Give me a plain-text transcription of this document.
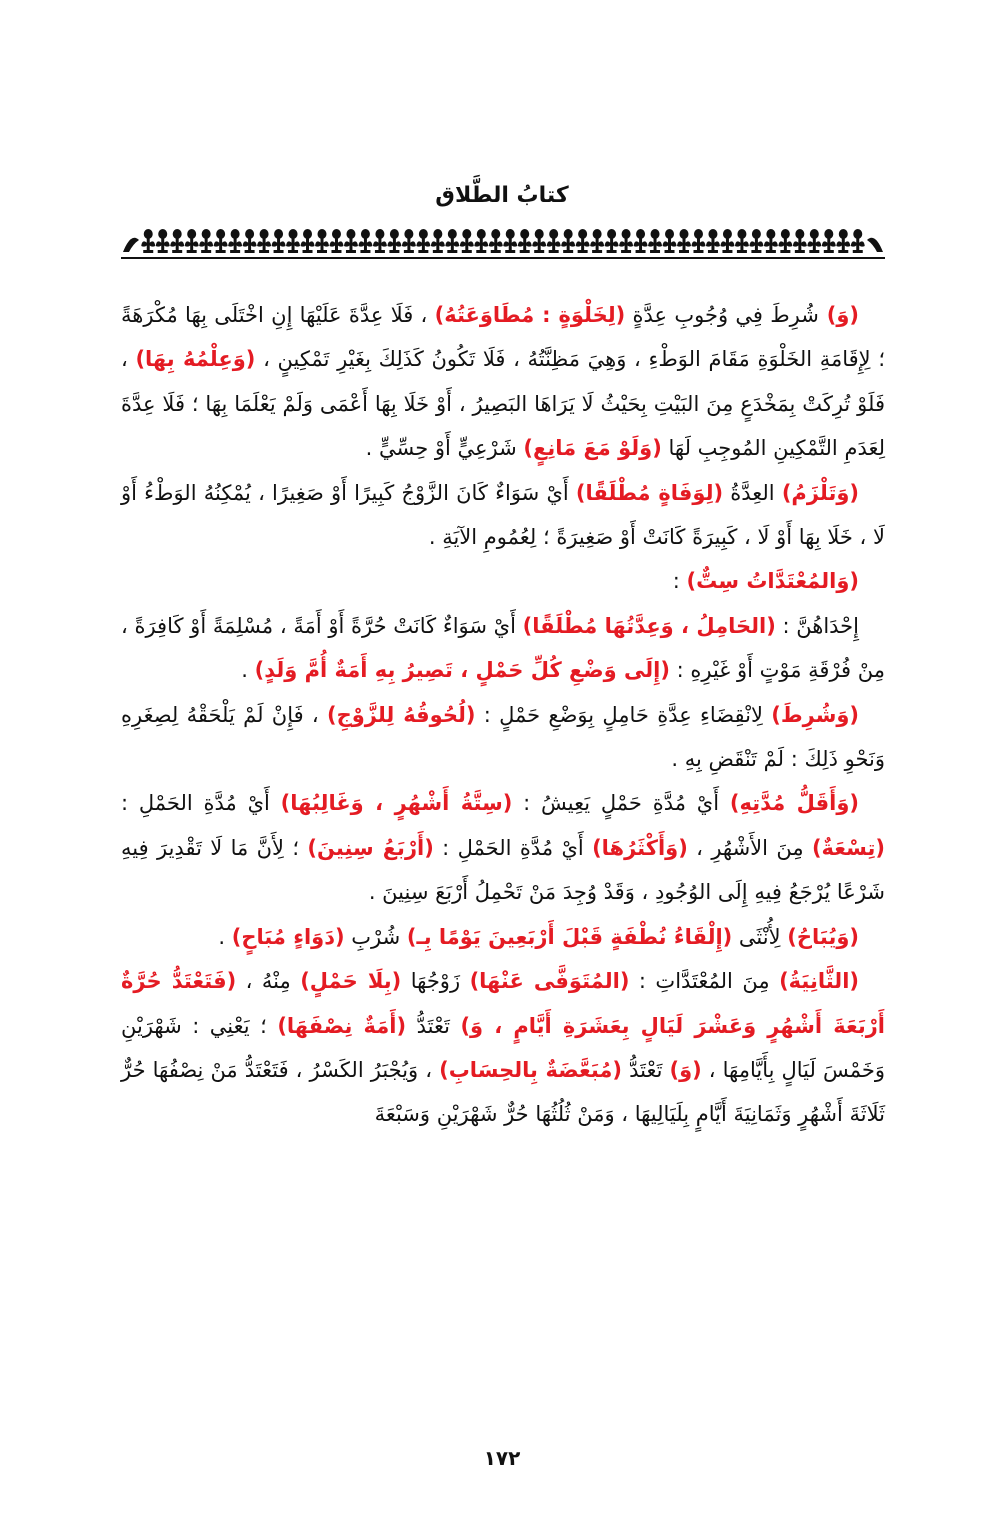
كتابُ الطَّلاق

(وَ) شُرِطَ فِي وُجُوبِ عِدَّةٍ (لِخَلْوَةٍ : مُطَاوَعَتُهُ) ، فَلَا عِدَّةَ عَلَيْهَا إِنِ اخْتَلَى بِهَا مُكْرَهَةً ؛ لِإِقَامَةِ الخَلْوَةِ مَقَامَ الوَطْءِ ، وَهِيَ مَظِنَّتُهُ ، فَلَا تَكُونُ كَذَلِكَ بِغَيْرِ تَمْكِينٍ ، (وَعِلْمُهُ بِهَا) ، فَلَوْ تُرِكَتْ بِمَخْدَعٍ مِنَ البَيْتِ بِحَيْثُ لَا يَرَاهَا البَصِيرُ ، أَوْ خَلَا بِهَا أَعْمَى وَلَمْ يَعْلَمَا بِهَا ؛ فَلَا عِدَّةَ لِعَدَمِ التَّمْكِينِ المُوجِبِ لَهَا (وَلَوْ مَعَ مَانِعٍ) شَرْعِيٍّ أَوْ حِسِّيٍّ .

(وَتَلْزَمُ) العِدَّةُ (لِوَفَاةٍ مُطْلَقًا) أَيْ سَوَاءٌ كَانَ الزَّوْجُ كَبِيرًا أَوْ صَغِيرًا ، يُمْكِنُهُ الوَطْءُ أَوْ لَا ، خَلَا بِهَا أَوْ لَا ، كَبِيرَةً كَانَتْ أَوْ صَغِيرَةً ؛ لِعُمُومِ الآيَةِ .

(وَالمُعْتَدَّاتُ سِتٌّ) :

إِحْدَاهُنَّ : (الحَامِلُ ، وَعِدَّتُهَا مُطْلَقًا) أَيْ سَوَاءٌ كَانَتْ حُرَّةً أَوْ أَمَةً ، مُسْلِمَةً أَوْ كَافِرَةً ، مِنْ فُرْقَةِ مَوْتٍ أَوْ غَيْرِهِ : (إِلَى وَضْعِ كُلِّ حَمْلٍ ، تَصِيرُ بِهِ أَمَةٌ أُمَّ وَلَدٍ) .

(وَشُرِطَ) لِانْقِضَاءِ عِدَّةِ حَامِلٍ بِوَضْعِ حَمْلٍ : (لُحُوقُهُ لِلزَّوْجِ) ، فَإِنْ لَمْ يَلْحَقْهُ لِصِغَرِهِ وَنَحْوِ ذَلِكَ : لَمْ تَنْقَضِ بِهِ .

(وَأَقَلُّ مُدَّتِهِ) أَيْ مُدَّةِ حَمْلٍ يَعِيشُ : (سِتَّةُ أَشْهُرٍ ، وَغَالِبُهَا) أَيْ مُدَّةِ الحَمْلِ : (تِسْعَةٌ) مِنَ الأَشْهُرِ ، (وَأَكْثَرُهَا) أَيْ مُدَّةِ الحَمْلِ : (أَرْبَعُ سِنِينَ) ؛ لِأَنَّ مَا لَا تَقْدِيرَ فِيهِ شَرْعًا يُرْجَعُ فِيهِ إِلَى الوُجُودِ ، وَقَدْ وُجِدَ مَنْ تَحْمِلُ أَرْبَعَ سِنِينَ .

(وَيُبَاحُ) لِأُنْثَى (إِلْقَاءُ نُطْفَةٍ قَبْلَ أَرْبَعِينَ يَوْمًا بِـ) شُرْبِ (دَوَاءٍ مُبَاحٍ) .

(الثَّانِيَةُ) مِنَ المُعْتَدَّاتِ : (المُتَوَفَّى عَنْهَا) زَوْجُهَا (بِلَا حَمْلٍ) مِنْهُ ، (فَتَعْتَدُّ حُرَّةٌ أَرْبَعَةَ أَشْهُرٍ وَعَشْرَ لَيَالٍ بِعَشَرَةِ أَيَّامٍ ، وَ) تَعْتَدُّ (أَمَةٌ نِصْفَهَا) ؛ يَعْنِي : شَهْرَيْنِ وَخَمْسَ لَيَالٍ بِأَيَّامِهَا ، (وَ) تَعْتَدُّ (مُبَعَّضَةٌ بِالحِسَابِ) ، وَيُجْبَرُ الكَسْرُ ، فَتَعْتَدُّ مَنْ نِصْفُهَا حُرٌّ ثَلَاثَةَ أَشْهُرٍ وَثَمَانِيَةَ أَيَّامٍ بِلَيَالِيهَا ، وَمَنْ ثُلُثُهَا حُرٌّ شَهْرَيْنِ وَسَبْعَةَ

١٧٢
